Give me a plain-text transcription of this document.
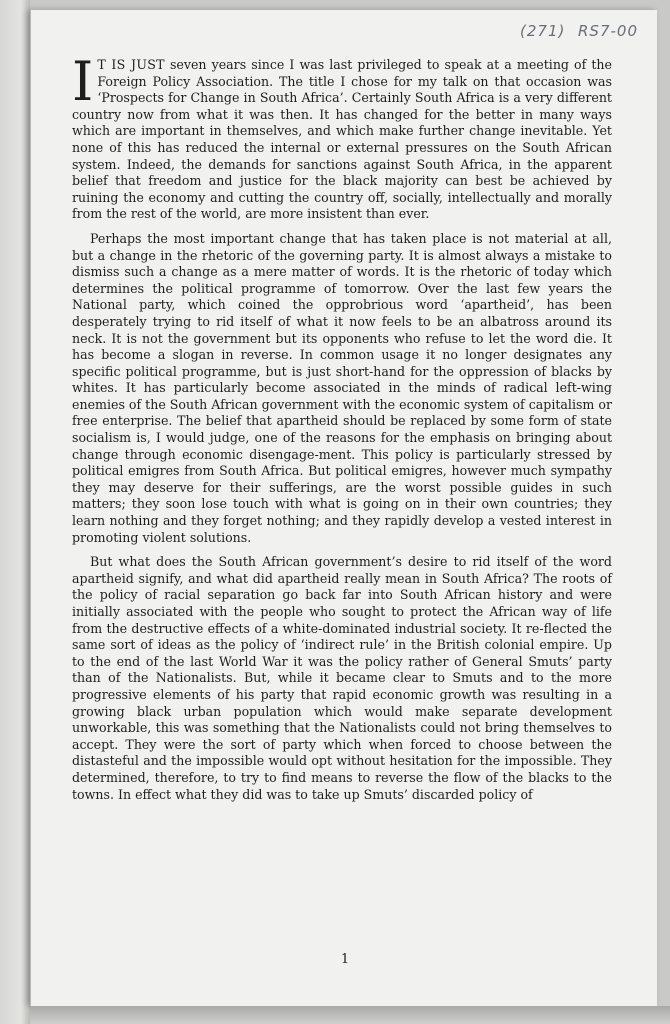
(271) RS7-00

I T IS JUST seven years since I was last privileged to speak at a meeting of the Foreign Policy Association. The title I chose for my talk on that occasion was ‘Prospects for Change in South Africa’. Certainly South Africa is a very different country now from what it was then. It has changed for the better in many ways which are important in themselves, and which make further change inevitable. Yet none of this has reduced the internal or external pressures on the South African system. Indeed, the demands for sanctions against South Africa, in the apparent belief that freedom and justice for the black majority can best be achieved by ruining the economy and cutting the country off, socially, intellectually and morally from the rest of the world, are more insistent than ever.

Perhaps the most important change that has taken place is not material at all, but a change in the rhetoric of the governing party. It is almost always a mistake to dismiss such a change as a mere matter of words. It is the rhetoric of today which determines the political programme of tomorrow. Over the last few years the National party, which coined the opprobrious word ‘apartheid’, has been desperately trying to rid itself of what it now feels to be an albatross around its neck. It is not the government but its opponents who refuse to let the word die. It has become a slogan in reverse. In common usage it no longer designates any specific political programme, but is just short-hand for the oppression of blacks by whites. It has particularly become associated in the minds of radical left-wing enemies of the South African government with the economic system of capitalism or free enterprise. The belief that apartheid should be replaced by some form of state socialism is, I would judge, one of the reasons for the emphasis on bringing about change through economic disengage-ment. This policy is particularly stressed by political emigres from South Africa. But political emigres, however much sympathy they may deserve for their sufferings, are the worst possible guides in such matters; they soon lose touch with what is going on in their own countries; they learn nothing and they forget nothing; and they rapidly develop a vested interest in promoting violent solutions.

But what does the South African government’s desire to rid itself of the word apartheid signify, and what did apartheid really mean in South Africa? The roots of the policy of racial separation go back far into South African history and were initially associated with the people who sought to protect the African way of life from the destructive effects of a white-dominated industrial society. It re-flected the same sort of ideas as the policy of ‘indirect rule’ in the British colonial empire. Up to the end of the last World War it was the policy rather of General Smuts’ party than of the Nationalists. But, while it became clear to Smuts and to the more progressive elements of his party that rapid economic growth was resulting in a growing black urban population which would make separate development unworkable, this was something that the Nationalists could not bring themselves to accept. They were the sort of party which when forced to choose between the distasteful and the impossible would opt without hesitation for the impossible. They determined, therefore, to try to find means to reverse the flow of the blacks to the towns. In effect what they did was to take up Smuts’ discarded policy of

1
